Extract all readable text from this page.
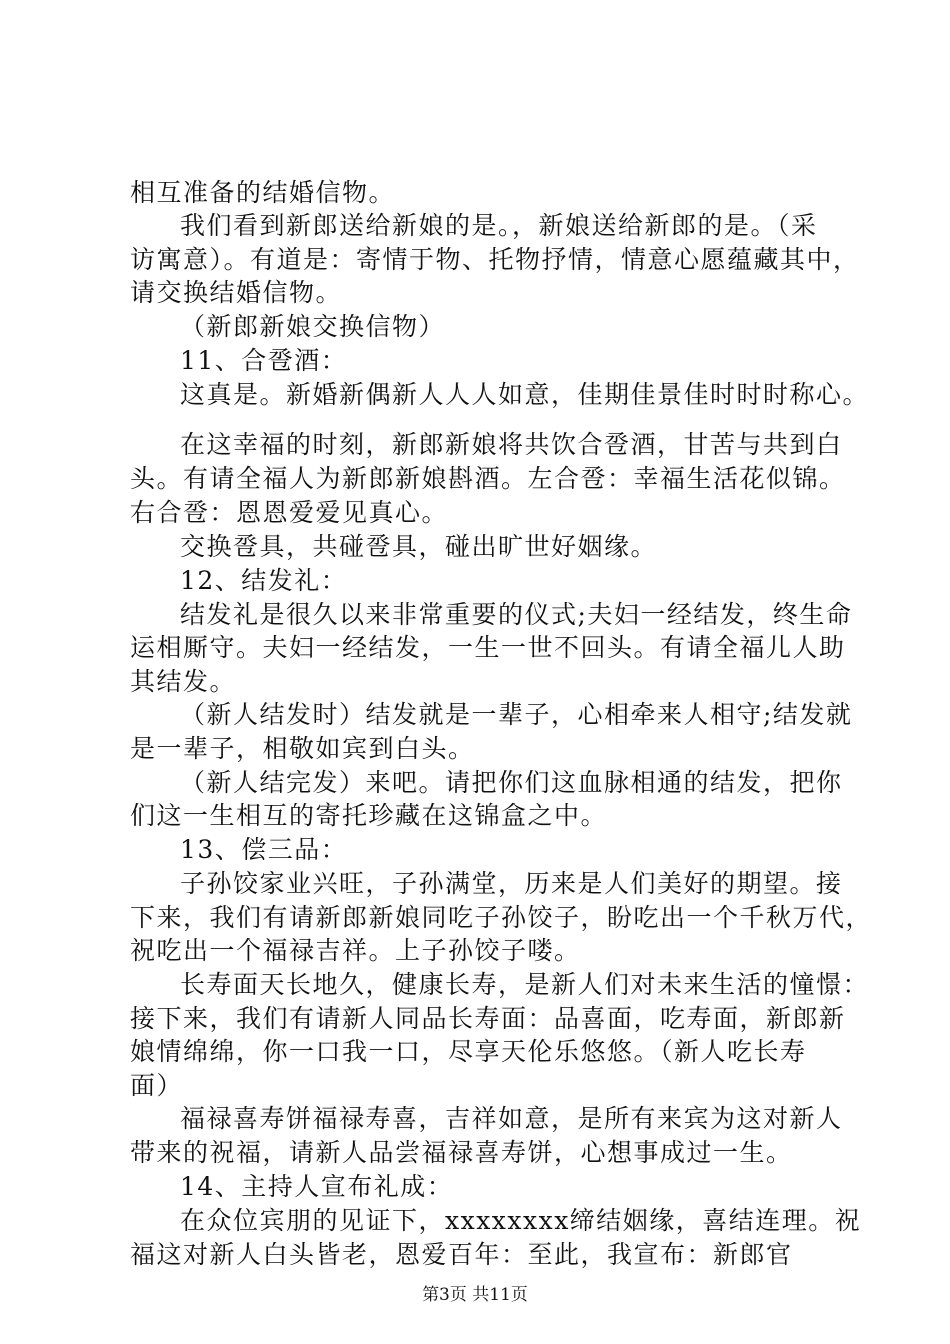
相互准备的结婚信物。
我们看到新郎送给新娘的是。，新娘送给新郎的是。（采
访寓意）。有道是：寄情于物、托物抒情，情意心愿蕴藏其中，
请交换结婚信物。
（新郎新娘交换信物）
11、合卺酒：
这真是。新婚新偶新人人人如意，佳期佳景佳时时时称心。
在这幸福的时刻，新郎新娘将共饮合卺酒，甘苦与共到白
头。有请全福人为新郎新娘斟酒。左合卺：幸福生活花似锦。
右合卺：恩恩爱爱见真心。
交换卺具，共碰卺具，碰出旷世好姻缘。
12、结发礼：
结发礼是很久以来非常重要的仪式;夫妇一经结发，终生命
运相厮守。夫妇一经结发，一生一世不回头。有请全福儿人助
其结发。
（新人结发时）结发就是一辈子，心相牵来人相守;结发就
是一辈子，相敬如宾到白头。
（新人结完发）来吧。请把你们这血脉相通的结发，把你
们这一生相互的寄托珍藏在这锦盒之中。
13、偿三品：
子孙饺家业兴旺，子孙满堂，历来是人们美好的期望。接
下来，我们有请新郎新娘同吃子孙饺子，盼吃出一个千秋万代，
祝吃出一个福禄吉祥。上子孙饺子喽。
长寿面天长地久，健康长寿，是新人们对未来生活的憧憬：
接下来，我们有请新人同品长寿面：品喜面，吃寿面，新郎新
娘情绵绵，你一口我一口，尽享天伦乐悠悠。（新人吃长寿
面）
福禄喜寿饼福禄寿喜，吉祥如意，是所有来宾为这对新人
带来的祝福，请新人品尝福禄喜寿饼，心想事成过一生。
14、主持人宣布礼成：
在众位宾朋的见证下，xxxxxxxx缔结姻缘，喜结连理。祝
福这对新人白头皆老，恩爱百年：至此，我宣布：新郎官
第3页 共11页
